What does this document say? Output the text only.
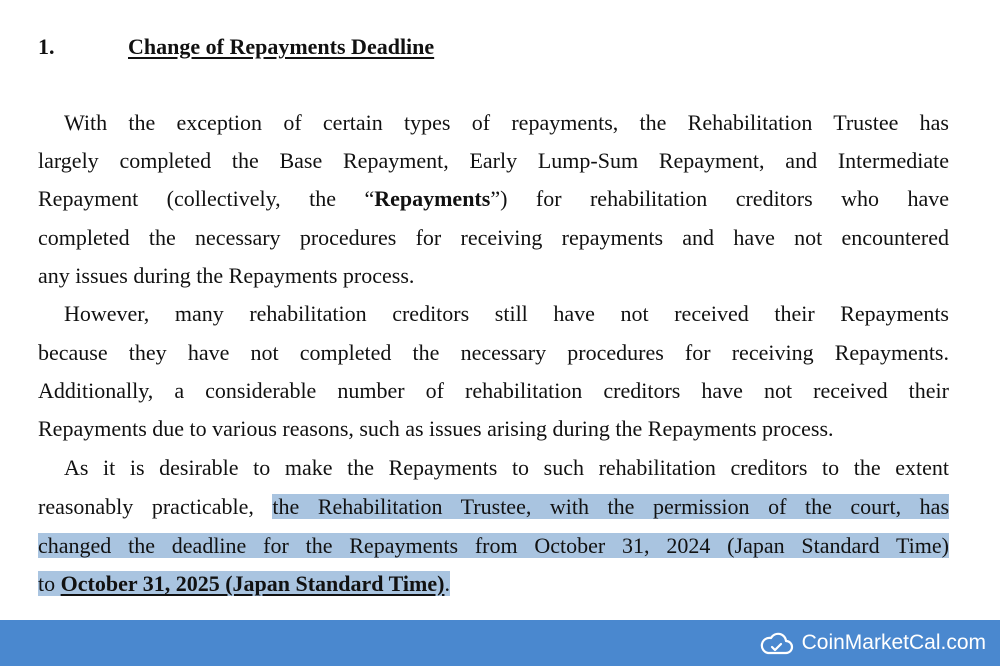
1.	Change of Repayments Deadline
With the exception of certain types of repayments, the Rehabilitation Trustee has
largely completed the Base Repayment, Early Lump-Sum Repayment, and Intermediate
Repayment (collectively, the “Repayments”) for rehabilitation creditors who have
completed the necessary procedures for receiving repayments and have not encountered
any issues during the Repayments process.
However, many rehabilitation creditors still have not received their Repayments
because they have not completed the necessary procedures for receiving Repayments.
Additionally, a considerable number of rehabilitation creditors have not received their
Repayments due to various reasons, such as issues arising during the Repayments process.
As it is desirable to make the Repayments to such rehabilitation creditors to the extent
reasonably practicable, the Rehabilitation Trustee, with the permission of the court, has
changed the deadline for the Repayments from October 31, 2024 (Japan Standard Time)
to October 31, 2025 (Japan Standard Time).
CoinMarketCal.com
